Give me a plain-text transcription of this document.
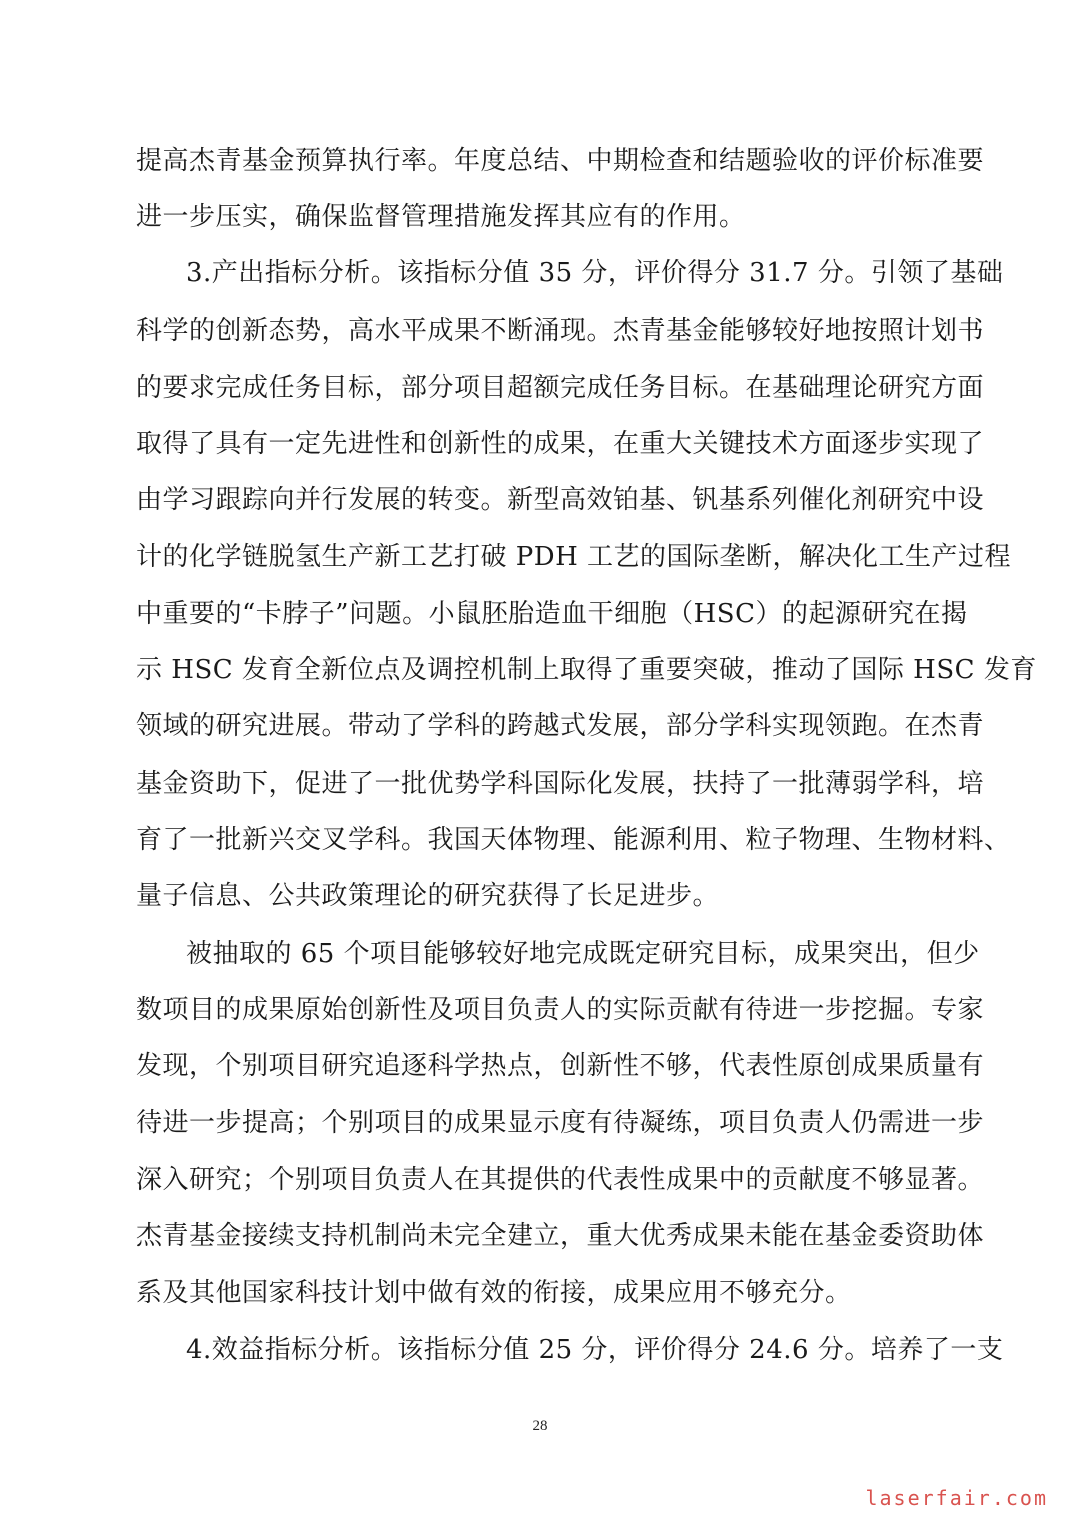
提高杰青基金预算执行率。年度总结、中期检查和结题验收的评价标准要
进一步压实，确保监督管理措施发挥其应有的作用。
3.产出指标分析。该指标分值 35 分，评价得分 31.7 分。引领了基础
科学的创新态势，高水平成果不断涌现。杰青基金能够较好地按照计划书
的要求完成任务目标，部分项目超额完成任务目标。在基础理论研究方面
取得了具有一定先进性和创新性的成果，在重大关键技术方面逐步实现了
由学习跟踪向并行发展的转变。新型高效铂基、钒基系列催化剂研究中设
计的化学链脱氢生产新工艺打破 PDH 工艺的国际垄断，解决化工生产过程
中重要的“卡脖子”问题。小鼠胚胎造血干细胞（HSC）的起源研究在揭
示 HSC 发育全新位点及调控机制上取得了重要突破，推动了国际 HSC 发育
领域的研究进展。带动了学科的跨越式发展，部分学科实现领跑。在杰青
基金资助下，促进了一批优势学科国际化发展，扶持了一批薄弱学科，培
育了一批新兴交叉学科。我国天体物理、能源利用、粒子物理、生物材料、
量子信息、公共政策理论的研究获得了长足进步。
被抽取的 65 个项目能够较好地完成既定研究目标，成果突出，但少
数项目的成果原始创新性及项目负责人的实际贡献有待进一步挖掘。专家
发现，个别项目研究追逐科学热点，创新性不够，代表性原创成果质量有
待进一步提高；个别项目的成果显示度有待凝练，项目负责人仍需进一步
深入研究；个别项目负责人在其提供的代表性成果中的贡献度不够显著。
杰青基金接续支持机制尚未完全建立，重大优秀成果未能在基金委资助体
系及其他国家科技计划中做有效的衔接，成果应用不够充分。
4.效益指标分析。该指标分值 25 分，评价得分 24.6 分。培养了一支
28
laserfair.com
